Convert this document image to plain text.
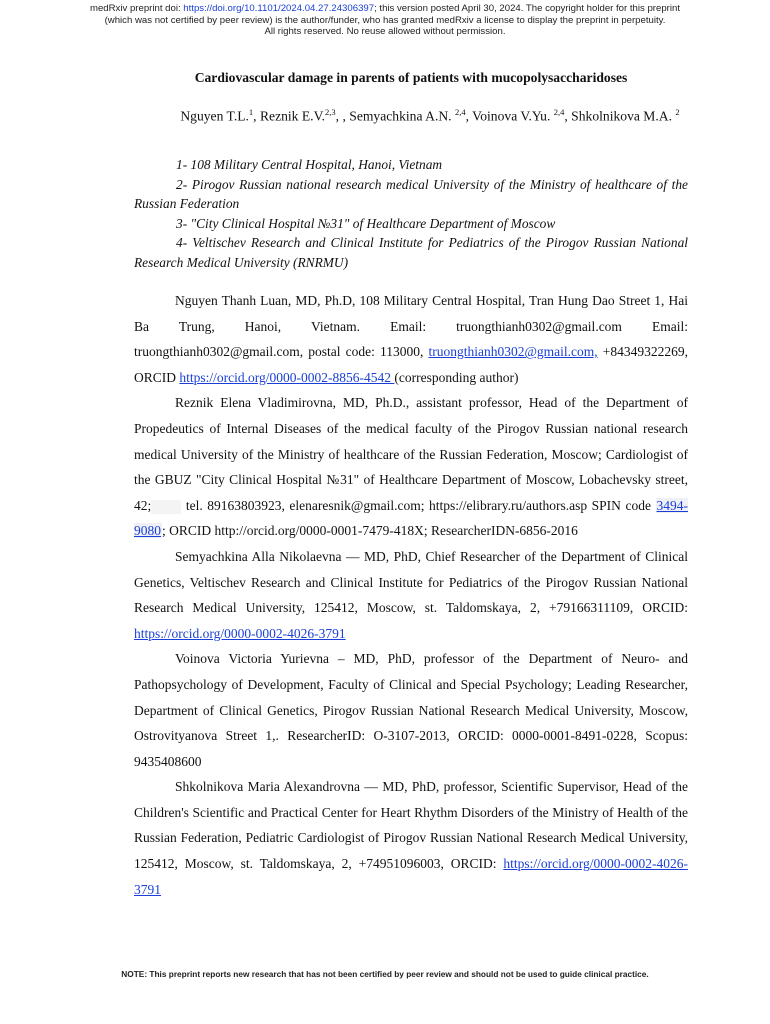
medRxiv preprint doi: https://doi.org/10.1101/2024.04.27.24306397; this version posted April 30, 2024. The copyright holder for this preprint
(which was not certified by peer review) is the author/funder, who has granted medRxiv a license to display the preprint in perpetuity.
All rights reserved. No reuse allowed without permission.
Cardiovascular damage in parents of patients with mucopolysaccharidoses
Nguyen T.L.$^1$, Reznik E.V.$^{2,3}$, , Semyachkina A.N. $^{2,4}$, Voinova V.Yu. $^{2,4}$, Shkolnikova M.A. $^2$

1- 108 Military Central Hospital, Hanoi, Vietnam

2- Pirogov Russian national research medical University of the Ministry of healthcare of the Russian Federation

3- "City Clinical Hospital №31" of Healthcare Department of Moscow

4- Veltischev Research and Clinical Institute for Pediatrics of the Pirogov Russian National Research Medical University (RNRMU)

Nguyen Thanh Luan, MD, Ph.D, 108 Military Central Hospital, Tran Hung Dao Street 1, Hai Ba Trung, Hanoi, Vietnam. Email: truongthianh0302@gmail.com Email: truongthianh0302@gmail.com, postal code: 113000, truongthianh0302@gmail.com, +84349322269, ORCID https://orcid.org/0000-0002-8856-4542 (corresponding author)

Reznik Elena Vladimirovna, MD, Ph.D., assistant professor, Head of the Department of Propedeutics of Internal Diseases of the medical faculty of the Pirogov Russian national research medical University of the Ministry of healthcare of the Russian Federation, Moscow; Cardiologist of the GBUZ "City Clinical Hospital №31" of Healthcare Department of Moscow, Lobachevsky street, 42; tel. 89163803923, elenaresnik@gmail.com; https://elibrary.ru/authors.asp SPIN code 3494-9080; ORCID http://orcid.org/0000-0001-7479-418X; ResearcherIDN-6856-2016

Semyachkina Alla Nikolaevna — MD, PhD, Chief Researcher of the Department of Clinical Genetics, Veltischev Research and Clinical Institute for Pediatrics of the Pirogov Russian National Research Medical University, 125412, Moscow, st. Taldomskaya, 2, +79166311109, ORCID: https://orcid.org/0000-0002-4026-3791

Voinova Victoria Yurievna – MD, PhD, professor of the Department of Neuro- and Pathopsychology of Development, Faculty of Clinical and Special Psychology; Leading Researcher, Department of Clinical Genetics, Pirogov Russian National Research Medical University, Moscow, Ostrovityanova Street 1,. ResearcherID: O-3107-2013, ORCID: 0000-0001-8491-0228, Scopus: 9435408600

Shkolnikova Maria Alexandrovna — MD, PhD, professor, Scientific Supervisor, Head of the Children's Scientific and Practical Center for Heart Rhythm Disorders of the Ministry of Health of the Russian Federation, Pediatric Cardiologist of Pirogov Russian National Research Medical University, 125412, Moscow, st. Taldomskaya, 2, +74951096003, ORCID: https://orcid.org/0000-0002-4026-3791

NOTE: This preprint reports new research that has not been certified by peer review and should not be used to guide clinical practice.
